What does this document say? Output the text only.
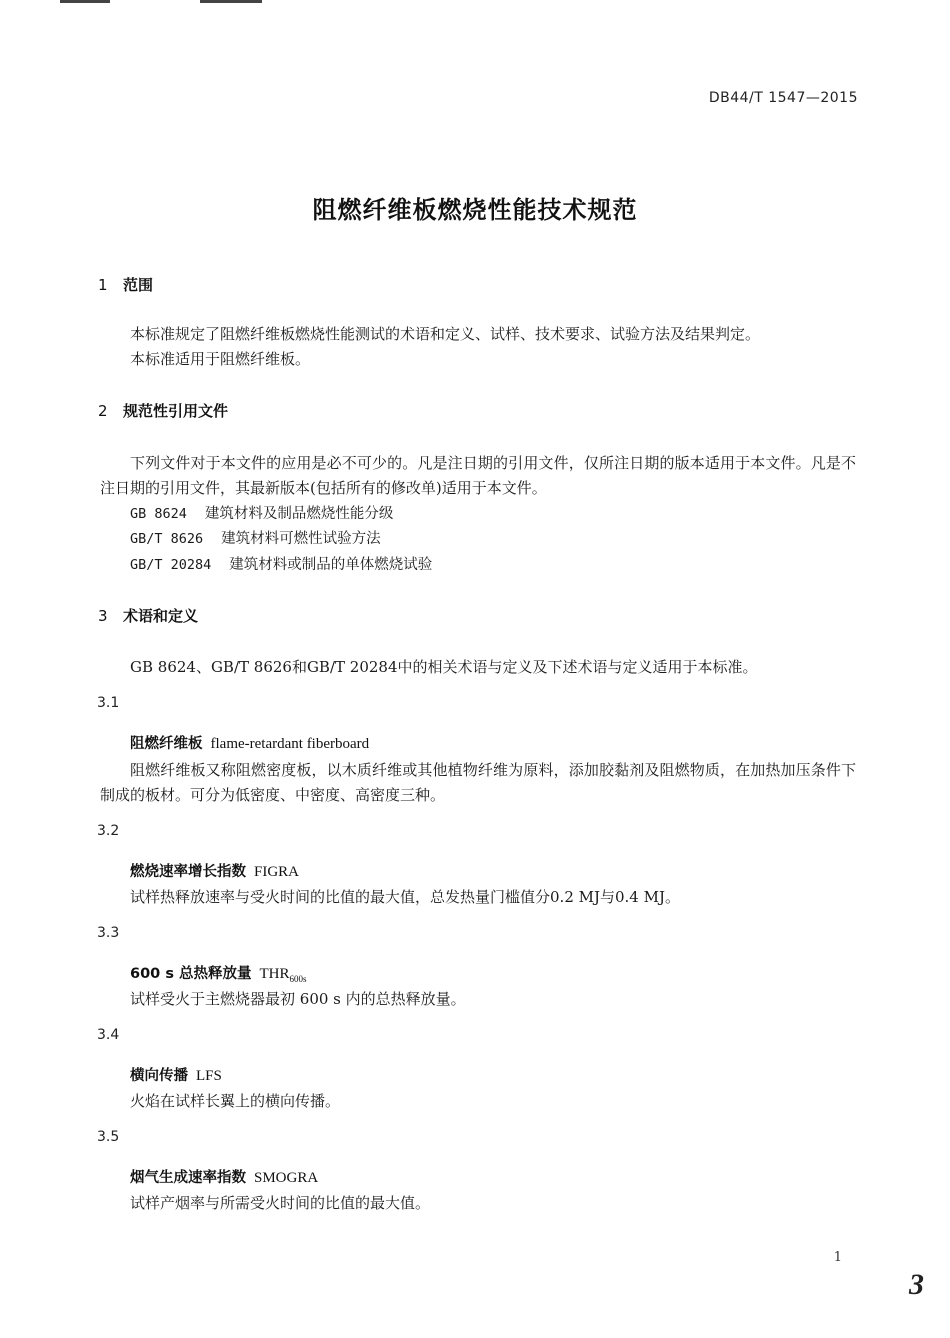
DB44/T 1547—2015
阻燃纤维板燃烧性能技术规范
1 范围
本标准规定了阻燃纤维板燃烧性能测试的术语和定义、试样、技术要求、试验方法及结果判定。
本标准适用于阻燃纤维板。
2 规范性引用文件
下列文件对于本文件的应用是必不可少的。凡是注日期的引用文件，仅所注日期的版本适用于本文件。凡是不注日期的引用文件，其最新版本(包括所有的修改单)适用于本文件。
GB 8624 建筑材料及制品燃烧性能分级
GB/T 8626 建筑材料可燃性试验方法
GB/T 20284 建筑材料或制品的单体燃烧试验
3 术语和定义
GB 8624、GB/T 8626和GB/T 20284中的相关术语与定义及下述术语与定义适用于本标准。
3.1
阻燃纤维板 flame-retardant fiberboard
阻燃纤维板又称阻燃密度板，以木质纤维或其他植物纤维为原料，添加胶黏剂及阻燃物质，在加热加压条件下制成的板材。可分为低密度、中密度、高密度三种。
3.2
燃烧速率增长指数 FIGRA
试样热释放速率与受火时间的比值的最大值，总发热量门槛值分0.2 MJ与0.4 MJ。
3.3
600 s 总热释放量 $THR_{600s}$
试样受火于主燃烧器最初 600 s 内的总热释放量。
3.4
横向传播 LFS
火焰在试样长翼上的横向传播。
3.5
烟气生成速率指数 SMOGRA
试样产烟率与所需受火时间的比值的最大值。
1
3
